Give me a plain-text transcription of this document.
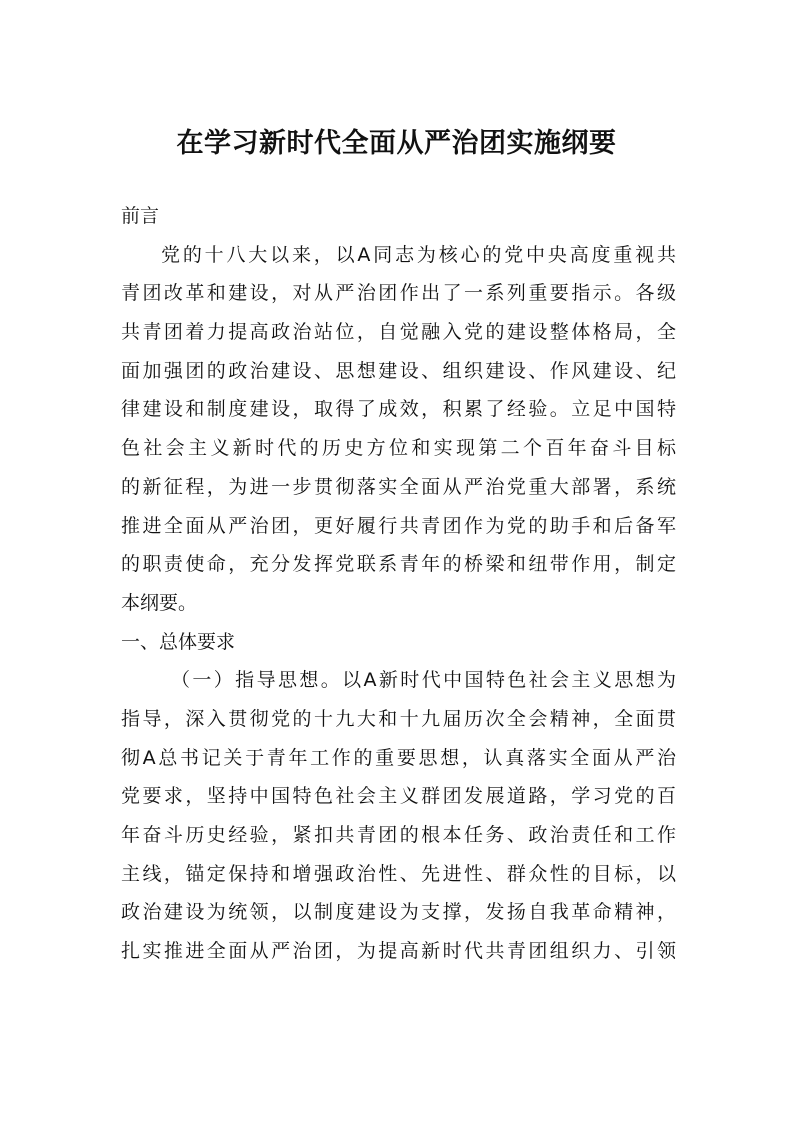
在学习新时代全面从严治团实施纲要
前言
党的十八大以来，以A同志为核心的党中央高度重视共
青团改革和建设，对从严治团作出了一系列重要指示。各级
共青团着力提高政治站位，自觉融入党的建设整体格局，全
面加强团的政治建设、思想建设、组织建设、作风建设、纪
律建设和制度建设，取得了成效，积累了经验。立足中国特
色社会主义新时代的历史方位和实现第二个百年奋斗目标
的新征程，为进一步贯彻落实全面从严治党重大部署，系统
推进全面从严治团，更好履行共青团作为党的助手和后备军
的职责使命，充分发挥党联系青年的桥梁和纽带作用，制定
本纲要。
一、总体要求
（一）指导思想。以A新时代中国特色社会主义思想为
指导，深入贯彻党的十九大和十九届历次全会精神，全面贯
彻A总书记关于青年工作的重要思想，认真落实全面从严治
党要求，坚持中国特色社会主义群团发展道路，学习党的百
年奋斗历史经验，紧扣共青团的根本任务、政治责任和工作
主线，锚定保持和增强政治性、先进性、群众性的目标，以
政治建设为统领，以制度建设为支撑，发扬自我革命精神，
扎实推进全面从严治团，为提高新时代共青团组织力、引领
